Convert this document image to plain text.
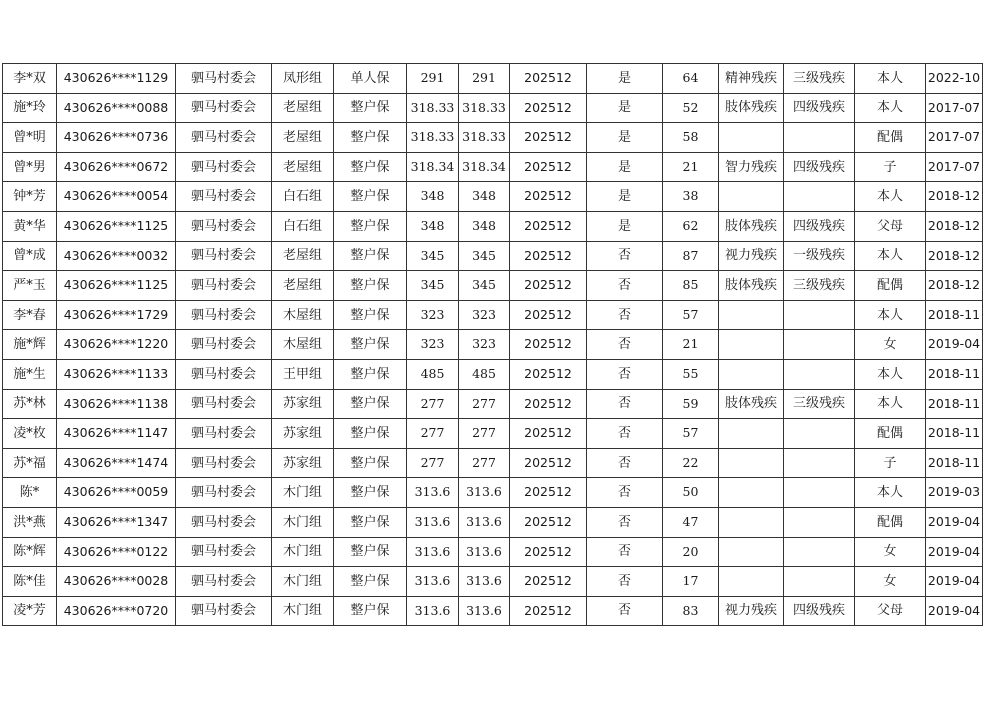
李*双	430626****1129	驷马村委会	凤形组	单人保	291	291	202512	是	64	精神残疾	三级残疾	本人	2022-10
施*玲	430626****0088	驷马村委会	老屋组	整户保	318.33	318.33	202512	是	52	肢体残疾	四级残疾	本人	2017-07
曾*明	430626****0736	驷马村委会	老屋组	整户保	318.33	318.33	202512	是	58			配偶	2017-07
曾*男	430626****0672	驷马村委会	老屋组	整户保	318.34	318.34	202512	是	21	智力残疾	四级残疾	子	2017-07
钟*芳	430626****0054	驷马村委会	白石组	整户保	348	348	202512	是	38			本人	2018-12
黄*华	430626****1125	驷马村委会	白石组	整户保	348	348	202512	是	62	肢体残疾	四级残疾	父母	2018-12
曾*成	430626****0032	驷马村委会	老屋组	整户保	345	345	202512	否	87	视力残疾	一级残疾	本人	2018-12
严*玉	430626****1125	驷马村委会	老屋组	整户保	345	345	202512	否	85	肢体残疾	三级残疾	配偶	2018-12
李*春	430626****1729	驷马村委会	木屋组	整户保	323	323	202512	否	57			本人	2018-11
施*辉	430626****1220	驷马村委会	木屋组	整户保	323	323	202512	否	21			女	2019-04
施*生	430626****1133	驷马村委会	王甲组	整户保	485	485	202512	否	55			本人	2018-11
苏*林	430626****1138	驷马村委会	苏家组	整户保	277	277	202512	否	59	肢体残疾	三级残疾	本人	2018-11
凌*枚	430626****1147	驷马村委会	苏家组	整户保	277	277	202512	否	57			配偶	2018-11
苏*福	430626****1474	驷马村委会	苏家组	整户保	277	277	202512	否	22			子	2018-11
陈*	430626****0059	驷马村委会	木门组	整户保	313.6	313.6	202512	否	50			本人	2019-03
洪*燕	430626****1347	驷马村委会	木门组	整户保	313.6	313.6	202512	否	47			配偶	2019-04
陈*辉	430626****0122	驷马村委会	木门组	整户保	313.6	313.6	202512	否	20			女	2019-04
陈*佳	430626****0028	驷马村委会	木门组	整户保	313.6	313.6	202512	否	17			女	2019-04
凌*芳	430626****0720	驷马村委会	木门组	整户保	313.6	313.6	202512	否	83	视力残疾	四级残疾	父母	2019-04
